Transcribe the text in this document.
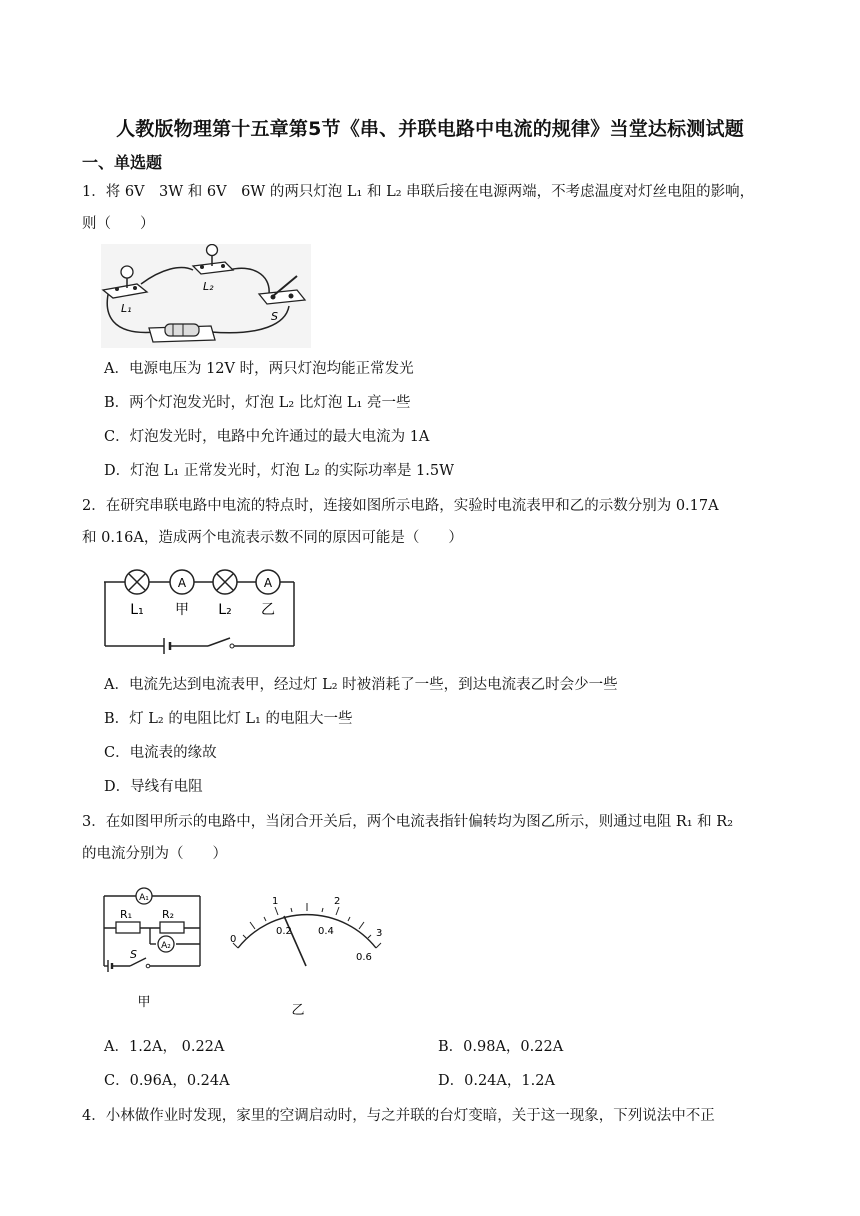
人教版物理第十五章第5节《串、并联电路中电流的规律》当堂达标测试题
一、单选题
1．将 6V　3W 和 6V　6W 的两只灯泡 L₁ 和 L₂ 串联后接在电源两端，不考虑温度对灯丝电阻的影响，
则（　　）
L₁
L₂
S
A．电源电压为 12V 时，两只灯泡均能正常发光
B．两个灯泡发光时，灯泡 L₂ 比灯泡 L₁ 亮一些
C．灯泡发光时，电路中允许通过的最大电流为 1A
D．灯泡 L₁ 正常发光时，灯泡 L₂ 的实际功率是 1.5W
2．在研究串联电路中电流的特点时，连接如图所示电路，实验时电流表甲和乙的示数分别为 0.17A
和 0.16A，造成两个电流表示数不同的原因可能是（　　）
A	A
L₁ 甲 L₂ 乙
A．电流先达到电流表甲，经过灯 L₂ 时被消耗了一些，到达电流表乙时会少一些
B．灯 L₂ 的电阻比灯 L₁ 的电阻大一些
C．电流表的缘故
D．导线有电阻
3．在如图甲所示的电路中，当闭合开关后，两个电流表指针偏转均为图乙所示，则通过电阻 R₁ 和 R₂
的电流分别为（　　）
A₁
A₂
R₁	R₂
S
甲
0
0.2	0.4
0.6
1	2
3
乙
A．1.2A， 0.22A	B．0.98A，0.22A
C．0.96A，0.24A	D．0.24A，1.2A
4．小林做作业时发现，家里的空调启动时，与之并联的台灯变暗，关于这一现象，下列说法中不正
